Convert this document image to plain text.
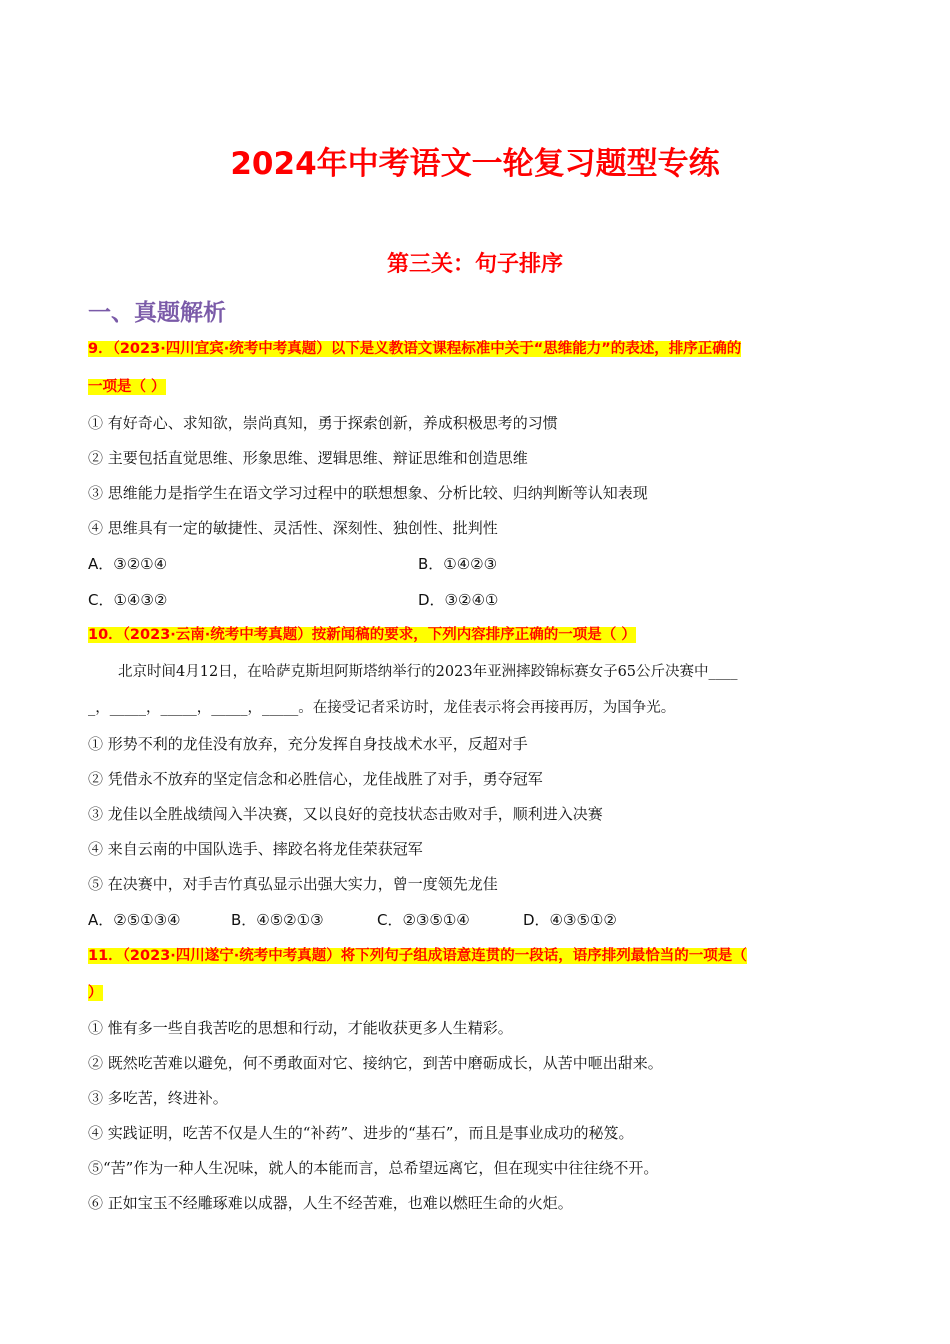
2024年中考语文一轮复习题型专练
第三关：句子排序
一、真题解析
9．（2023·四川宜宾·统考中考真题）以下是义教语文课程标准中关于“思维能力”的表述，排序正确的
一项是（ ）
① 有好奇心、求知欲，崇尚真知，勇于探索创新，养成积极思考的习惯
② 主要包括直觉思维、形象思维、逻辑思维、辩证思维和创造思维
③ 思维能力是指学生在语文学习过程中的联想想象、分析比较、归纳判断等认知表现
④ 思维具有一定的敏捷性、灵活性、深刻性、独创性、批判性
A．③②①④	B．①④②③
C．①④③②	D．③②④①
10．（2023·云南·统考中考真题）按新闻稿的要求，下列内容排序正确的一项是（ ）
北京时间4月12日，在哈萨克斯坦阿斯塔纳举行的2023年亚洲摔跤锦标赛女子65公斤决赛中____
_，_____，_____，_____，_____。在接受记者采访时，龙佳表示将会再接再厉，为国争光。
① 形势不利的龙佳没有放弃，充分发挥自身技战术水平，反超对手
② 凭借永不放弃的坚定信念和必胜信心，龙佳战胜了对手，勇夺冠军
③ 龙佳以全胜战绩闯入半决赛，又以良好的竞技状态击败对手，顺利进入决赛
④ 来自云南的中国队选手、摔跤名将龙佳荣获冠军
⑤ 在决赛中，对手吉竹真弘显示出强大实力，曾一度领先龙佳
A．②⑤①③④	B．④⑤②①③	C．②③⑤①④	D．④③⑤①②
11．（2023·四川遂宁·统考中考真题）将下列句子组成语意连贯的一段话，语序排列最恰当的一项是（
）
① 惟有多一些自我苦吃的思想和行动，才能收获更多人生精彩。
② 既然吃苦难以避免，何不勇敢面对它、接纳它，到苦中磨砺成长，从苦中咂出甜来。
③ 多吃苦，终进补。
④ 实践证明，吃苦不仅是人生的“补药”、进步的“基石”，而且是事业成功的秘笈。
⑤“苦”作为一种人生况味，就人的本能而言，总希望远离它，但在现实中往往绕不开。
⑥ 正如宝玉不经雕琢难以成器，人生不经苦难，也难以燃旺生命的火炬。
